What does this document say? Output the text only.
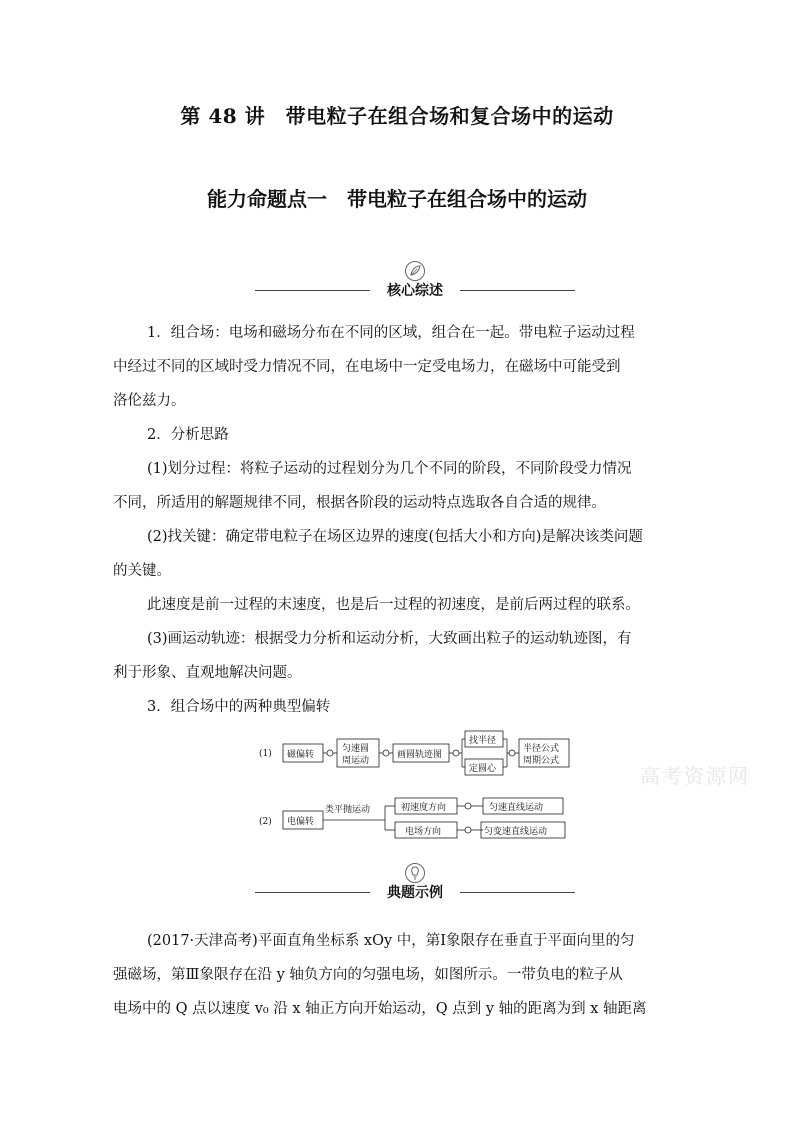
第 48 讲　带电粒子在组合场和复合场中的运动
能力命题点一　带电粒子在组合场中的运动
核心综述

1．组合场：电场和磁场分布在不同的区域，组合在一起。带电粒子运动过程

中经过不同的区域时受力情况不同，在电场中一定受电场力，在磁场中可能受到

洛伦兹力。

2．分析思路

(1)划分过程：将粒子运动的过程划分为几个不同的阶段，不同阶段受力情况

不同，所适用的解题规律不同，根据各阶段的运动特点选取各自合适的规律。

(2)找关键：确定带电粒子在场区边界的速度(包括大小和方向)是解决该类问题

的关键。

此速度是前一过程的末速度，也是后一过程的初速度，是前后两过程的联系。

(3)画运动轨迹：根据受力分析和运动分析，大致画出粒子的运动轨迹图，有

利于形象、直观地解决问题。

3．组合场中的两种典型偏转

(1) 磁偏转
匀速圆
周运动
画圆轨迹图
找半径
定圆心
半径公式
周期公式
(2) 电偏转
类平抛运动	初速度方向
电场方向
匀速直线运动
匀变速直线运动
高考资源网
典题示例

(2017·天津高考)平面直角坐标系 xOy 中，第Ⅰ象限存在垂直于平面向里的匀

强磁场，第Ⅲ象限存在沿 y 轴负方向的匀强电场，如图所示。一带负电的粒子从

电场中的 Q 点以速度 v₀ 沿 x 轴正方向开始运动，Q 点到 y 轴的距离为到 x 轴距离
